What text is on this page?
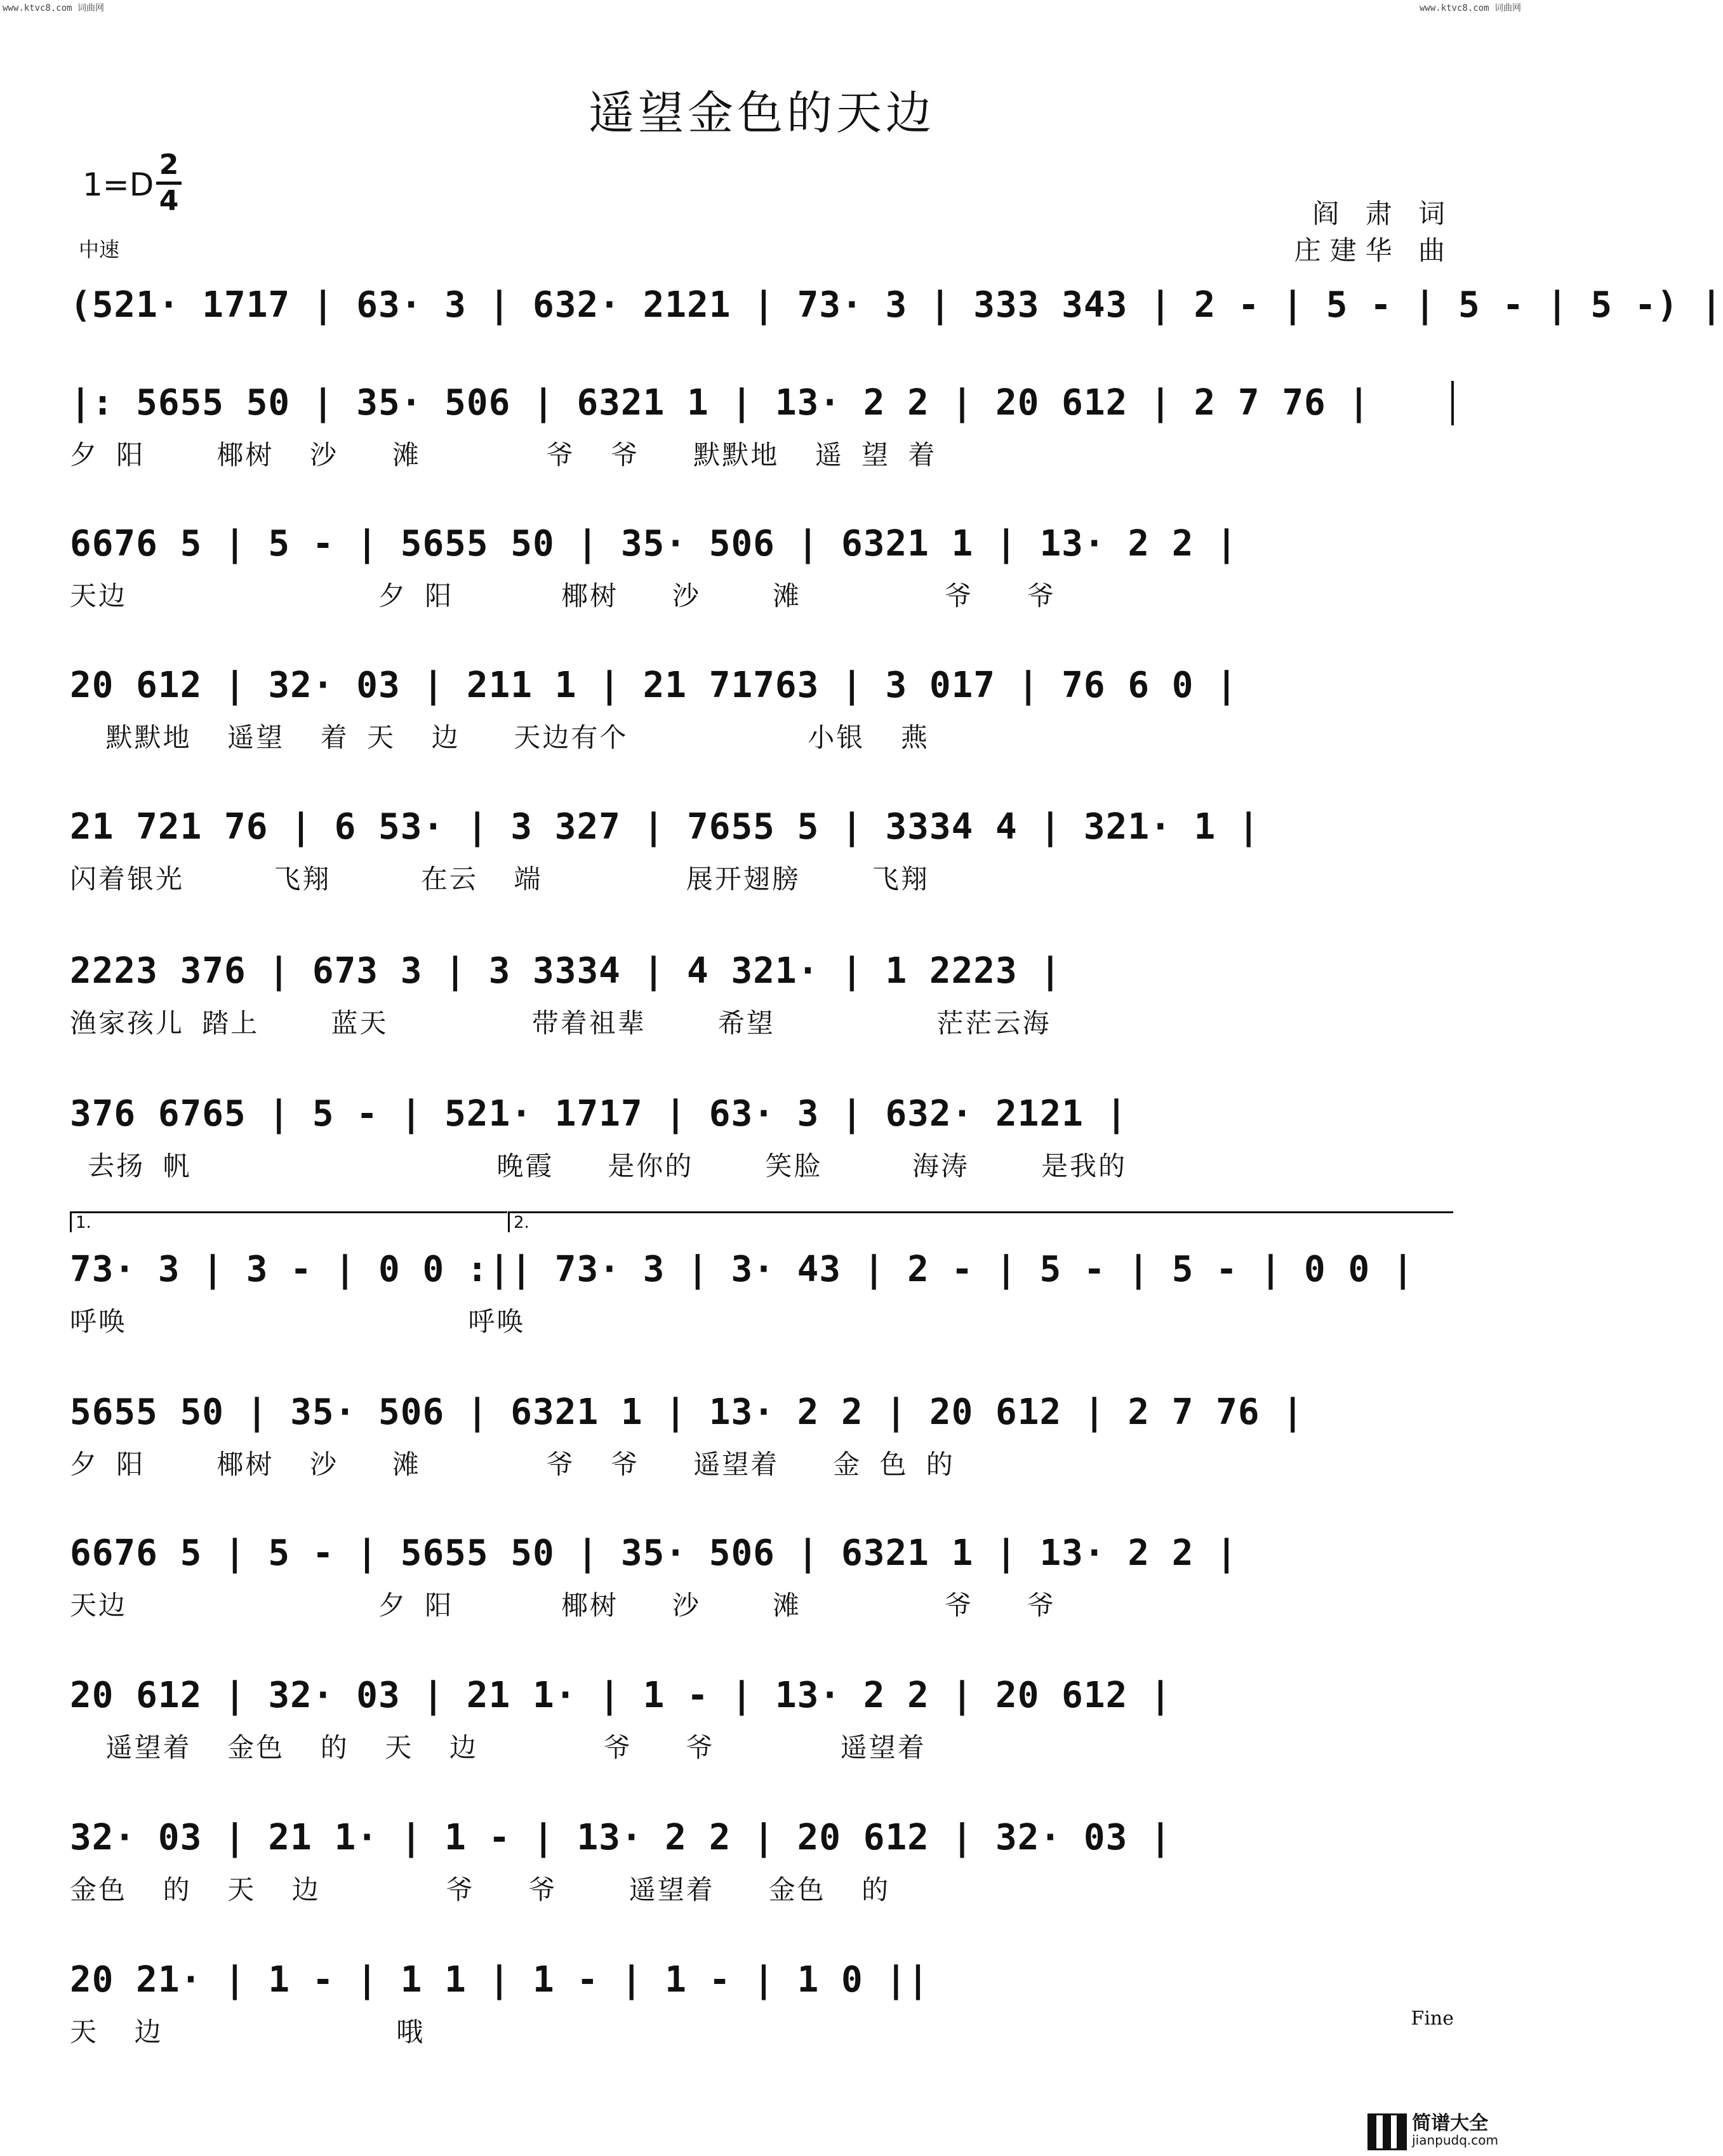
www.ktvc8.com 词曲网	www.ktvc8.com 词曲网
遥望金色的天边
1=D
2
4
中速
阎 肃 词
庄建华 曲
(521· 1717 | 63· 3 | 632· 2121 | 73· 3 | 333 343 | 2 - | 5 - | 5 - | 5 -) |
|: 5655 50 | 35· 506 | 6321 1 | 13· 2 2 | 20 612 | 2 7 76 |
夕 阳    椰树  沙   滩       爷  爷   默默地  遥 望 着
6676 5 | 5 - | 5655 50 | 35· 506 | 6321 1 | 13· 2 2 |
天边              夕 阳      椰树   沙    滩        爷   爷
20 612 | 32· 03 | 211 1 | 21 71763 | 3 017 | 76 6 0 |
默默地  遥望  着 天  边   天边有个          小银  燕
21 721 76 | 6 53· | 3 327 | 7655 5 | 3334 4 | 321· 1 |
闪着银光     飞翔     在云  端        展开翅膀    飞翔
2223 376 | 673 3 | 3 3334 | 4 321· | 1 2223 |
渔家孩儿 踏上    蓝天        带着祖辈    希望         茫茫云海
376 6765 | 5 - | 521· 1717 | 63· 3 | 632· 2121 |
去扬 帆                 晚霞   是你的    笑脸     海涛    是我的
1.	2.
73· 3 | 3 - | 0 0 :|| 73· 3 | 3· 43 | 2 - | 5 - | 5 - | 0 0 |
呼唤                   呼唤
5655 50 | 35· 506 | 6321 1 | 13· 2 2 | 20 612 | 2 7 76 |
夕 阳    椰树  沙   滩       爷  爷   遥望着   金 色 的
6676 5 | 5 - | 5655 50 | 35· 506 | 6321 1 | 13· 2 2 |
天边              夕 阳      椰树   沙    滩        爷   爷
20 612 | 32· 03 | 21 1· | 1 - | 13· 2 2 | 20 612 |
遥望着  金色  的  天  边       爷   爷       遥望着
32· 03 | 21 1· | 1 - | 13· 2 2 | 20 612 | 32· 03 |
金色  的  天  边       爷   爷    遥望着   金色  的
20 21· | 1 - | 1 1 | 1 - | 1 - | 1 0 ||
天  边             哦	Fine
简谱大全
jianpudq.com
